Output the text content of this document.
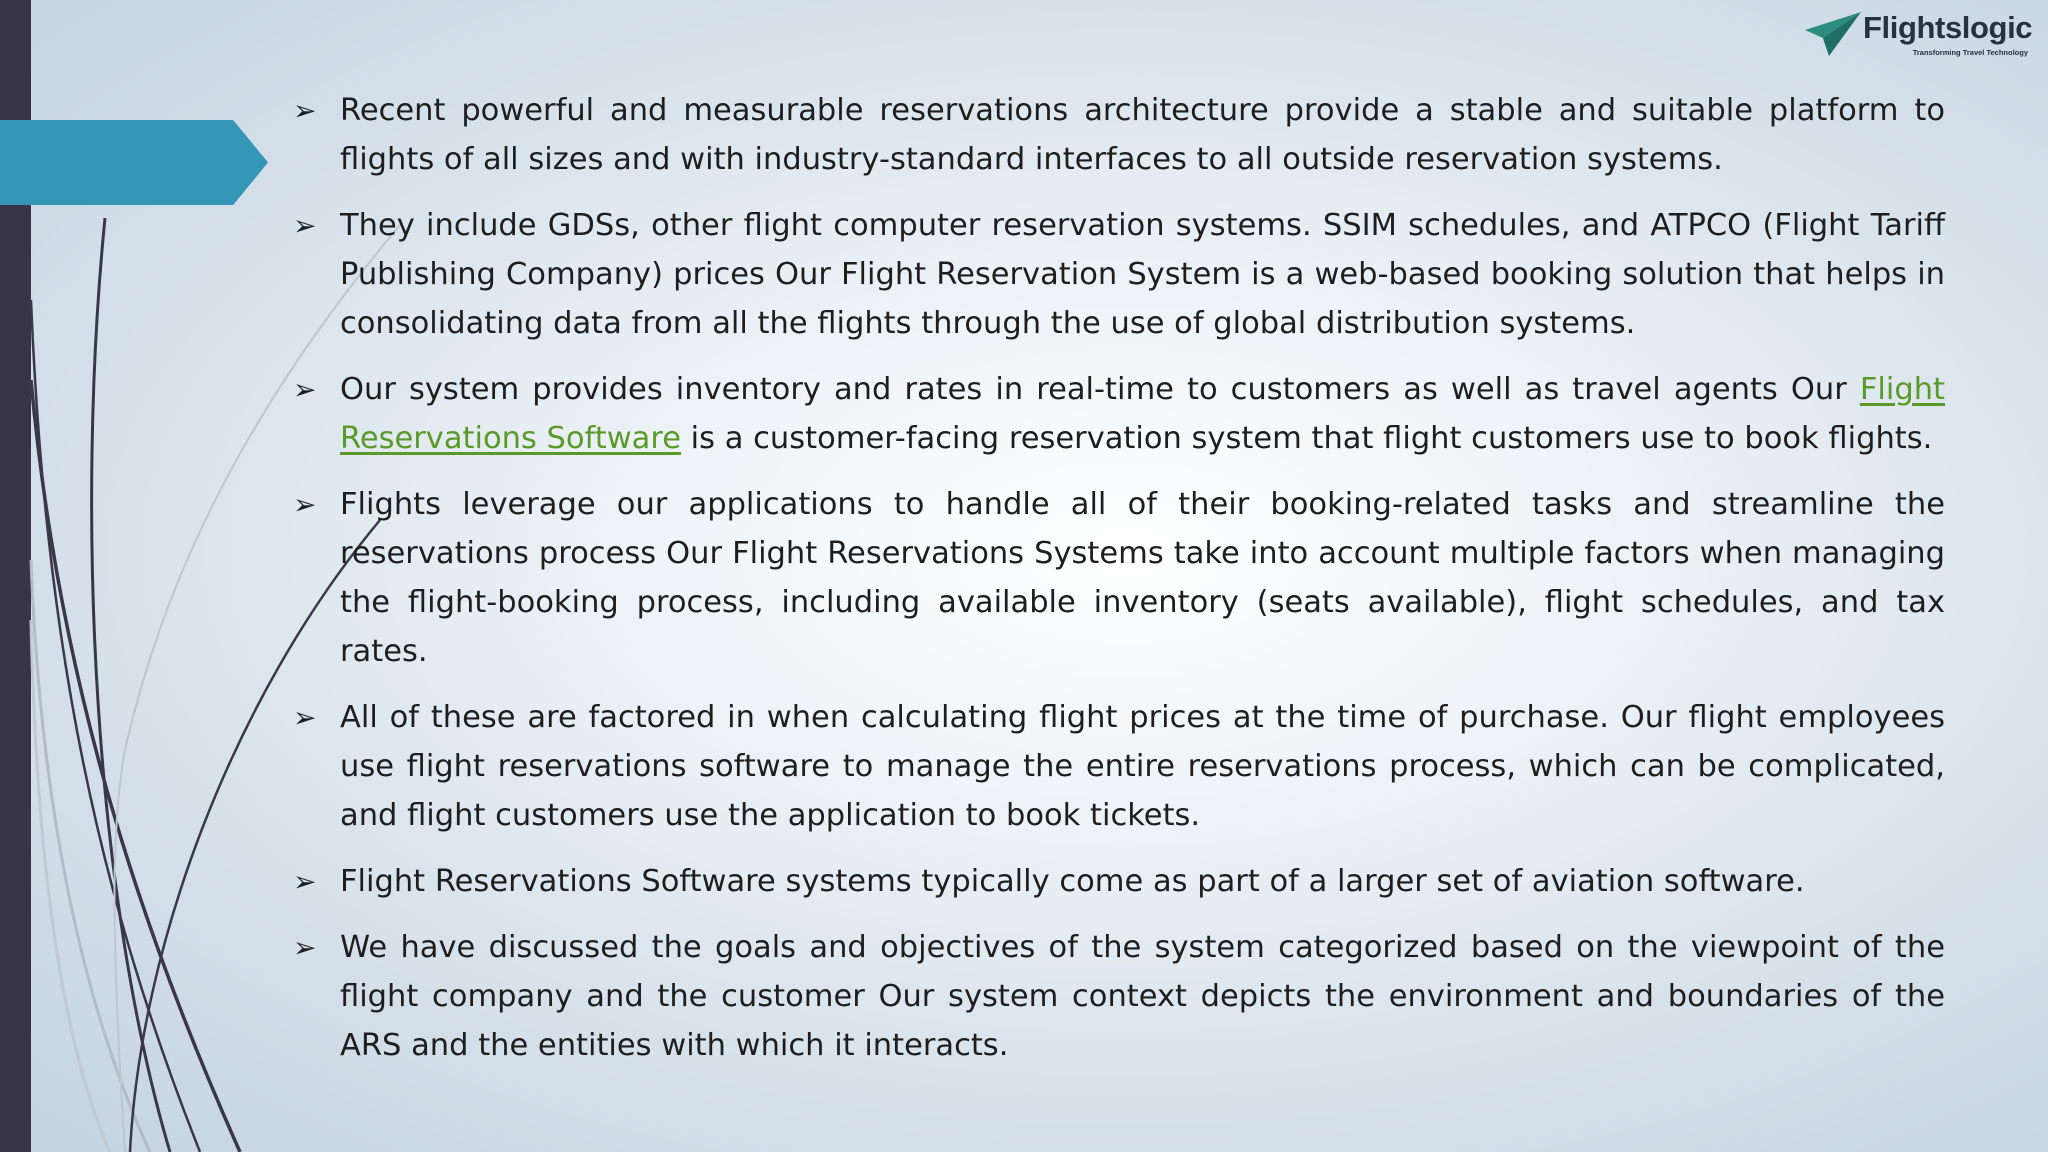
Flightslogic
Transforming Travel Technology
➢ Recent powerful and measurable reservations architecture provide a stable and suitable platform to flights of all sizes and with industry-standard interfaces to all outside reservation systems.
➢ They include GDSs, other flight computer reservation systems. SSIM schedules, and ATPCO (Flight Tariff Publishing Company) prices Our Flight Reservation System is a web-based booking solution that helps in consolidating data from all the flights through the use of global distribution systems.
➢ Our system provides inventory and rates in real-time to customers as well as travel agents Our Flight Reservations Software is a customer-facing reservation system that flight customers use to book flights.
➢ Flights leverage our applications to handle all of their booking-related tasks and streamline the reservations process Our Flight Reservations Systems take into account multiple factors when managing the flight-booking process, including available inventory (seats available), flight schedules, and tax rates.
➢ All of these are factored in when calculating flight prices at the time of purchase. Our flight employees use flight reservations software to manage the entire reservations process, which can be complicated, and flight customers use the application to book tickets.
➢ Flight Reservations Software systems typically come as part of a larger set of aviation software.
➢ We have discussed the goals and objectives of the system categorized based on the viewpoint of the flight company and the customer Our system context depicts the environment and boundaries of the ARS and the entities with which it interacts.
